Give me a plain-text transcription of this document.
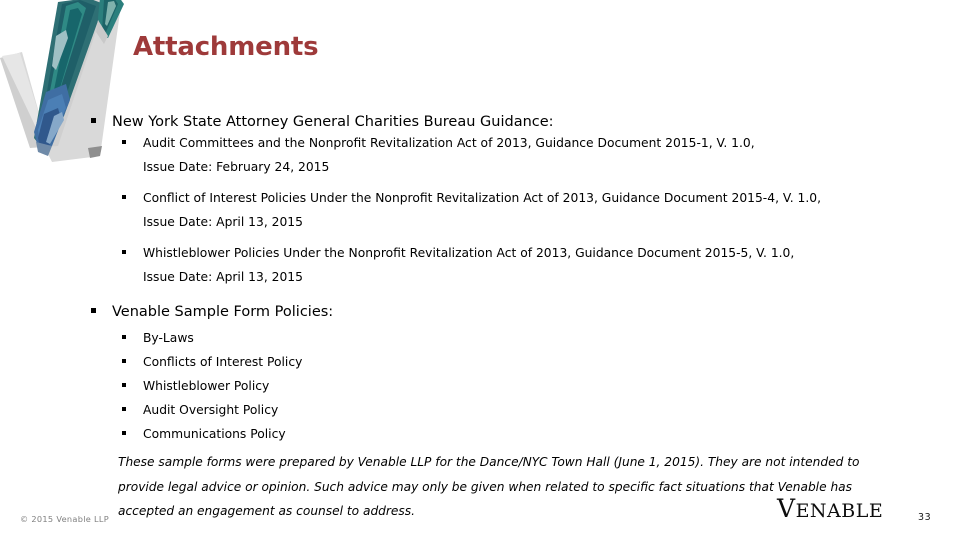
Attachments
New York State Attorney General Charities Bureau Guidance:
Audit Committees and the Nonprofit Revitalization Act of 2013, Guidance Document 2015-1, V. 1.0,
Issue Date: February 24, 2015
Conflict of Interest Policies Under the Nonprofit Revitalization Act of 2013, Guidance Document 2015-4, V. 1.0,
Issue Date: April 13, 2015
Whistleblower Policies Under the Nonprofit Revitalization Act of 2013, Guidance Document 2015-5, V. 1.0,
Issue Date: April 13, 2015
Venable Sample Form Policies:
By-Laws
Conflicts of Interest Policy
Whistleblower Policy
Audit Oversight Policy
Communications Policy
These sample forms were prepared by Venable LLP for the Dance/NYC Town Hall (June 1, 2015). They are not intended to provide legal advice or opinion. Such advice may only be given when related to specific fact situations that Venable has accepted an engagement as counsel to address.
© 2015 Venable LLP	VENABLE	33
